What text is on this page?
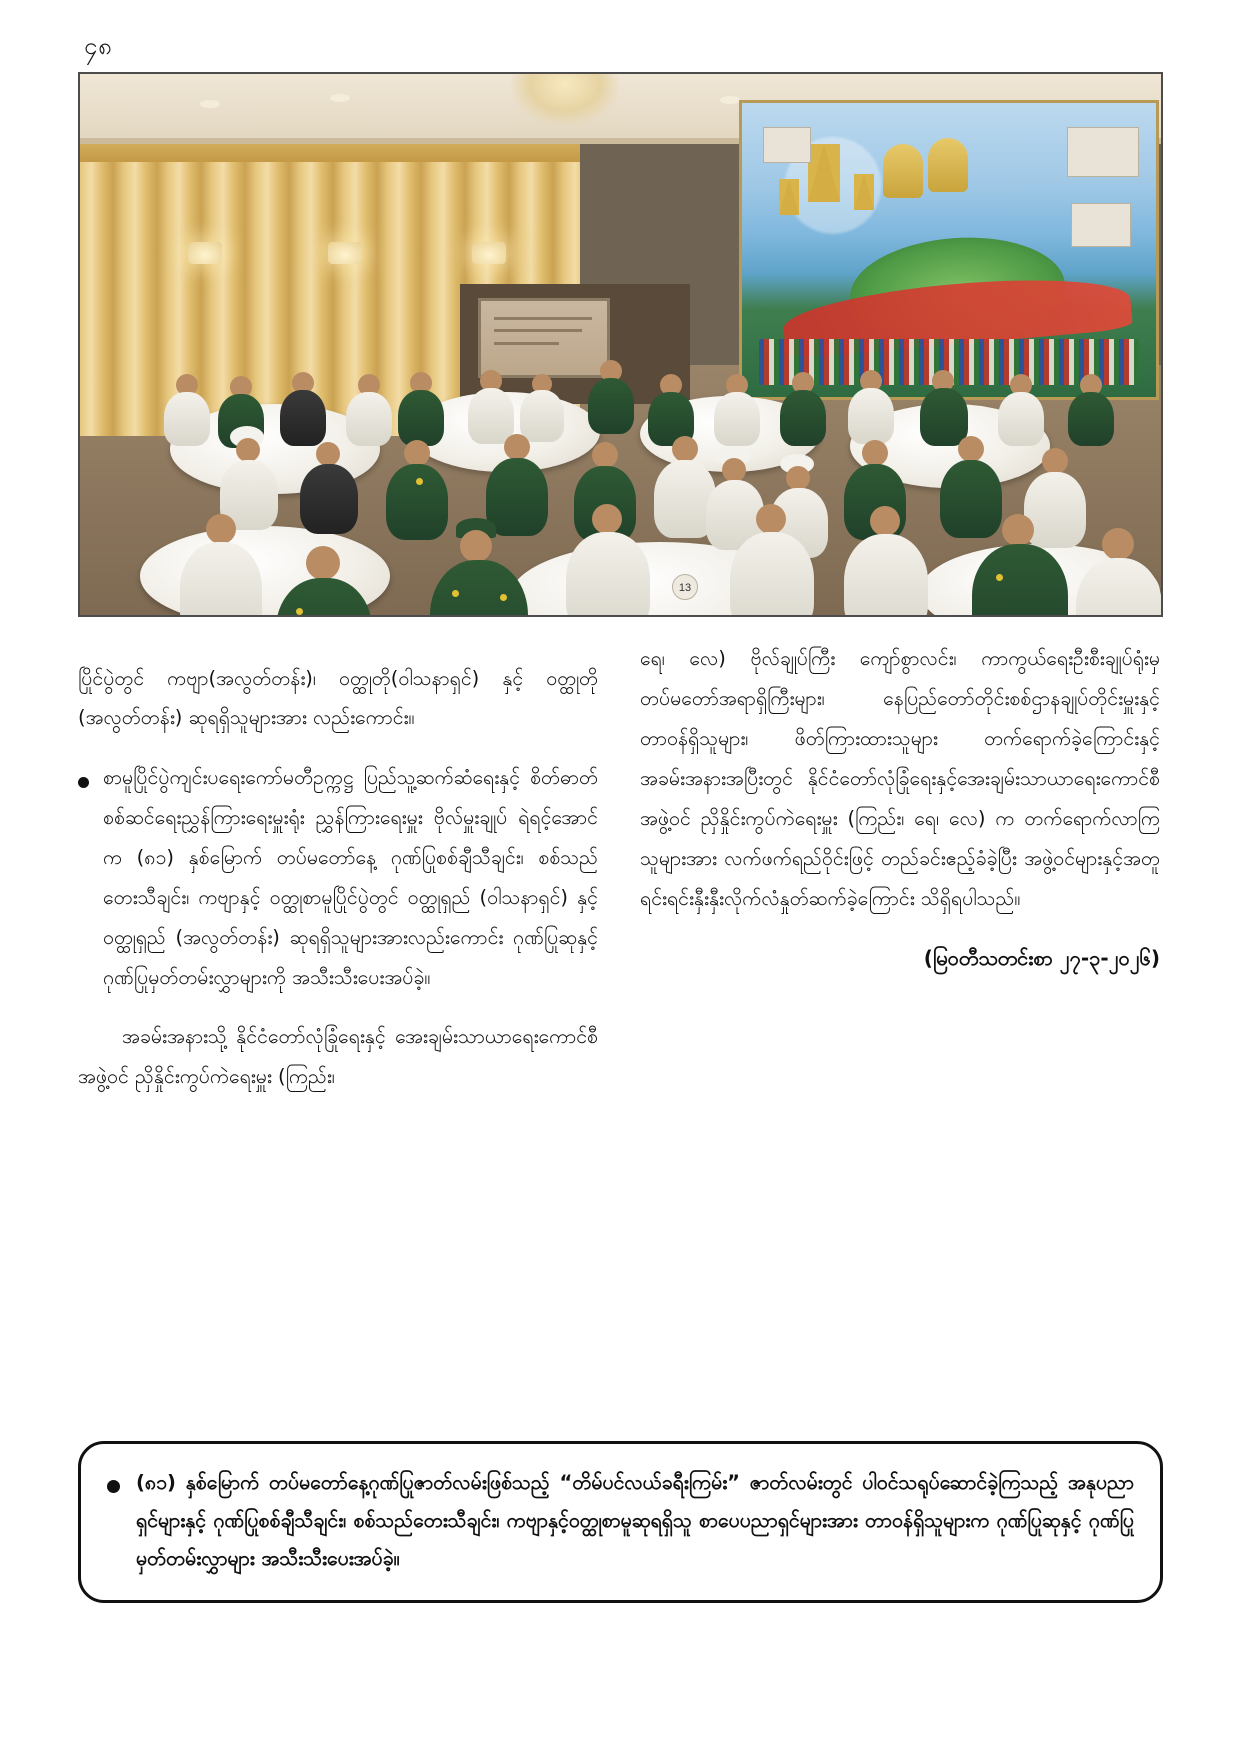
၄၈
13

ပြိုင်ပွဲတွင် ကဗျာ(အလွတ်တန်း)၊ ဝတ္ထုတို(ဝါသနာရှင်) နှင့် ဝတ္ထုတို (အလွတ်တန်း) ဆုရရှိသူများအား လည်းကောင်း။

စာမူပြိုင်ပွဲကျင်းပရေးကော်မတီဥက္ကဋ္ဌ ပြည်သူ့ဆက်ဆံရေးနှင့် စိတ်ဓာတ်စစ်ဆင်ရေးညွှန်ကြားရေးမှူးရုံး ညွှန်ကြားရေးမှူး ဗိုလ်မှူးချုပ် ရဲရင့်အောင်က (၈၁) နှစ်မြောက် တပ်မတော်နေ့ ဂုဏ်ပြုစစ်ချီသီချင်း၊ စစ်သည်တေးသီချင်း၊ ကဗျာနှင့် ဝတ္ထုစာမူပြိုင်ပွဲတွင် ဝတ္ထုရှည် (ဝါသနာရှင်) နှင့် ဝတ္ထုရှည် (အလွတ်တန်း) ဆုရရှိသူများအားလည်းကောင်း ဂုဏ်ပြုဆုနှင့် ဂုဏ်ပြုမှတ်တမ်းလွှာများကို အသီးသီးပေးအပ်ခဲ့။

အခမ်းအနားသို့ နိုင်ငံတော်လုံခြုံရေးနှင့် အေးချမ်းသာယာရေးကောင်စီအဖွဲ့ဝင် ညှိနှိုင်းကွပ်ကဲရေးမှူး (ကြည်း၊

ရေ၊ လေ) ဗိုလ်ချုပ်ကြီး ကျော်စွာလင်း၊ ကာကွယ်ရေးဦးစီးချုပ်ရုံးမှ တပ်မတော်အရာရှိကြီးများ၊ နေပြည်တော်တိုင်းစစ်ဌာနချုပ်တိုင်းမှူးနှင့် တာဝန်ရှိသူများ၊ ဖိတ်ကြားထားသူများ တက်ရောက်ခဲ့ကြောင်းနှင့် အခမ်းအနားအပြီးတွင် နိုင်ငံတော်လုံခြုံရေးနှင့်အေးချမ်းသာယာရေးကောင်စီအဖွဲ့ဝင် ညှိနှိုင်းကွပ်ကဲရေးမှူး (ကြည်း၊ ရေ၊ လေ) က တက်ရောက်လာကြသူများအား လက်ဖက်ရည်ဝိုင်းဖြင့် တည်ခင်းဧည့်ခံခဲ့ပြီး အဖွဲ့ဝင်များနှင့်အတူ ရင်းရင်းနှီးနှီးလိုက်လံနှုတ်ဆက်ခဲ့ကြောင်း သိရှိရပါသည်။

(မြဝတီသတင်းစာ ၂၇-၃-၂၀၂၆)
(၈၁) နှစ်မြောက် တပ်မတော်နေ့ဂုဏ်ပြုဇာတ်လမ်းဖြစ်သည့် “တိမ်ပင်လယ်ခရီးကြမ်း” ဇာတ်လမ်းတွင် ပါဝင်သရုပ်ဆောင်ခဲ့ကြသည့် အနုပညာရှင်များနှင့် ဂုဏ်ပြုစစ်ချီသီချင်း၊ စစ်သည်တေးသီချင်း၊ ကဗျာနှင့်ဝတ္ထုစာမူဆုရရှိသူ စာပေပညာရှင်များအား တာဝန်ရှိသူများက ဂုဏ်ပြုဆုနှင့် ဂုဏ်ပြုမှတ်တမ်းလွှာများ အသီးသီးပေးအပ်ခဲ့။
